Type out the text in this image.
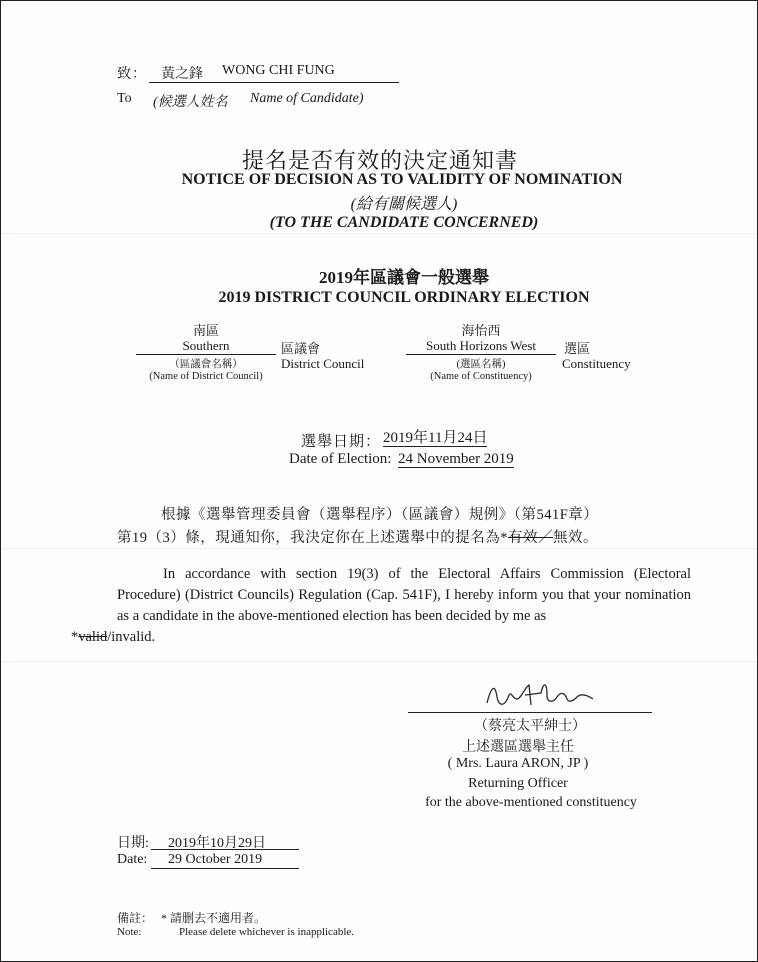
致： 黃之鋒 WONG CHI FUNG
To (候選人姓名 Name of Candidate)
提名是否有效的決定通知書
NOTICE OF DECISION AS TO VALIDITY OF NOMINATION
(給有關候選人)
(TO THE CANDIDATE CONCERNED)
2019年區議會一般選舉
2019 DISTRICT COUNCIL ORDINARY ELECTION
南區
Southern
（區議會名稱）
(Name of District Council)
區議會
District Council
海怡西
South Horizons West
(選區名稱)
(Name of Constituency)
選區
Constituency
選舉日期： 2019年11月24日
Date of Election: 24 November 2019
根據《選舉管理委員會（選舉程序）（區議會）規例》（第541F章）
第19（3）條，現通知你，我決定你在上述選舉中的提名為*有效／無效。
In accordance with section 19(3) of the Electoral Affairs Commission (Electoral Procedure) (District Councils) Regulation (Cap. 541F), I hereby inform you that your nomination as a candidate in the above-mentioned election has been decided by me as
*valid/invalid.
（蔡亮太平紳士）
上述選區選舉主任
( Mrs. Laura ARON, JP )
Returning Officer
for the above-mentioned constituency
日期: 2019年10月29日
Date: 29 October 2019
備註： * 請删去不適用者。
Note:	Please delete whichever is inapplicable.
